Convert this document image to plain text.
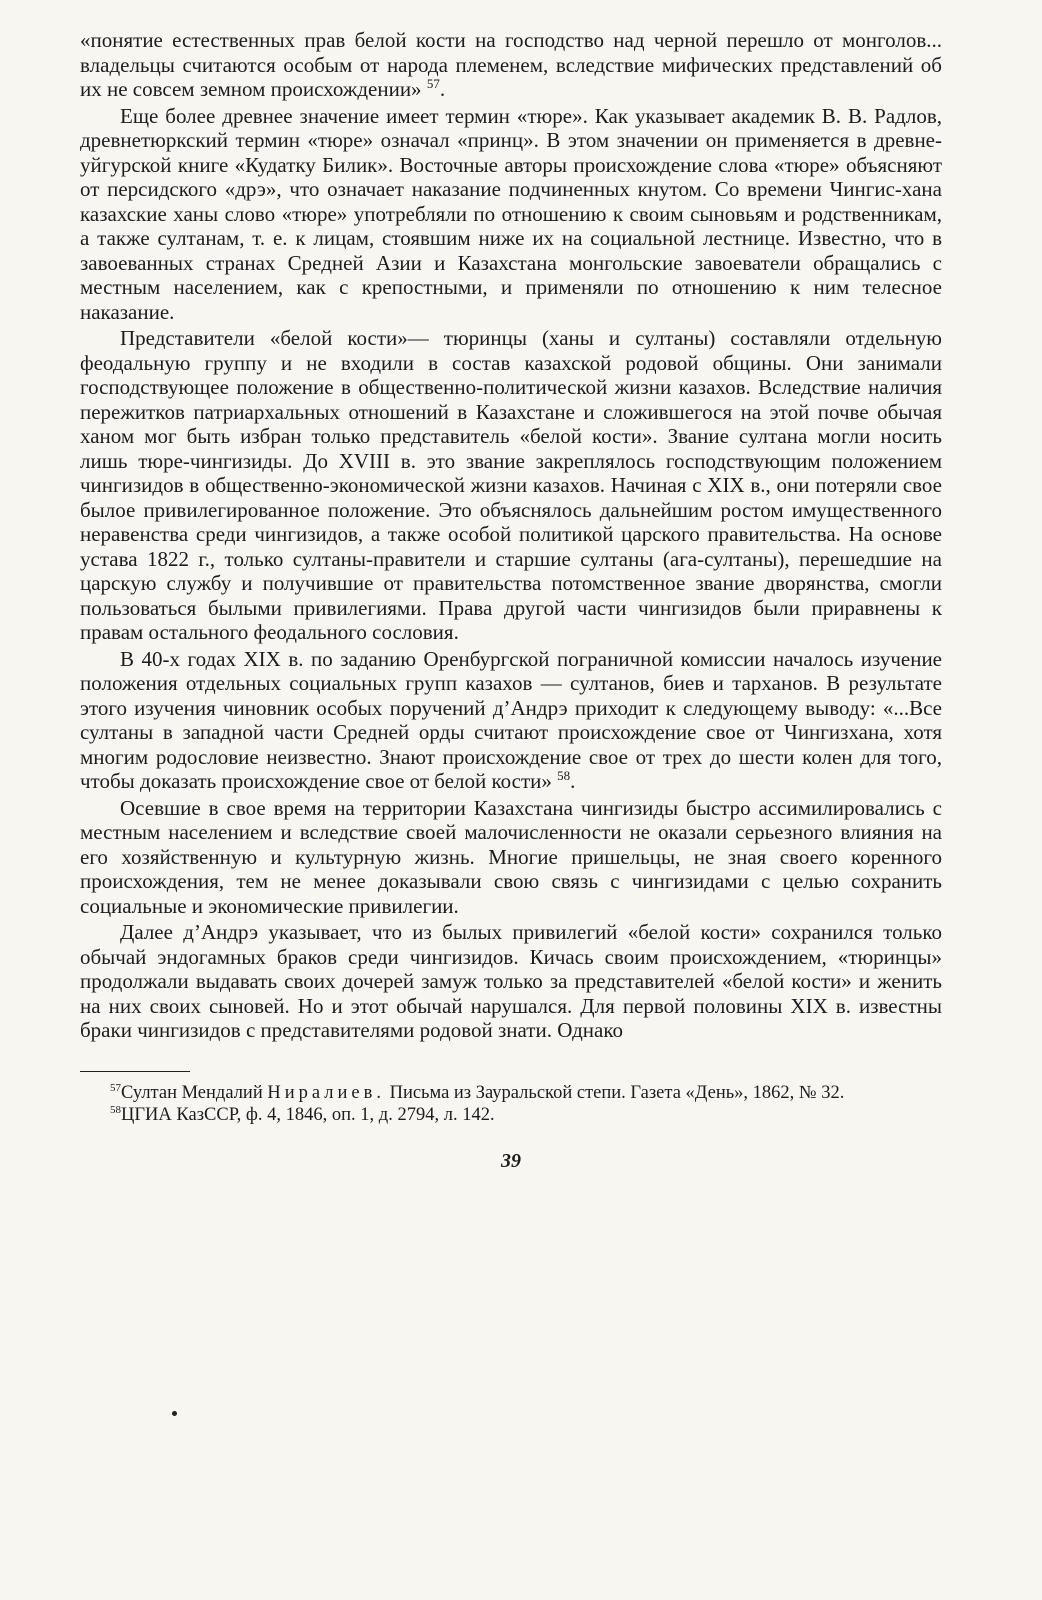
«понятие естественных прав белой кости на господство над черной перешло от монголов... владельцы считаются особым от народа племенем, вследствие мифических представлений об их не совсем земном происхождении» $^{57}$.

Еще более древнее значение имеет термин «тюре». Как указывает академик В. В. Радлов, древнетюркский термин «тюре» означал «принц». В этом значении он применяется в древне-уйгурской книге «Кудатку Билик». Восточные авторы происхождение слова «тюре» объясняют от персидского «дрэ», что означает наказание подчиненных кнутом. Со времени Чингис-хана казахские ханы слово «тюре» употребляли по отношению к своим сыновьям и родственникам, а также султанам, т. е. к лицам, стоявшим ниже их на социальной лестнице. Известно, что в завоеванных странах Средней Азии и Казахстана монгольские завоеватели обращались с местным населением, как с крепостными, и применяли по отношению к ним телесное наказание.

Представители «белой кости»— тюринцы (ханы и султаны) составляли отдельную феодальную группу и не входили в состав казахской родовой общины. Они занимали господствующее положение в общественно-политической жизни казахов. Вследствие наличия пережитков патриархальных отношений в Казахстане и сложившегося на этой почве обычая ханом мог быть избран только представитель «белой кости». Звание султана могли носить лишь тюре-чингизиды. До XVIII в. это звание закреплялось господствующим положением чингизидов в общественно-экономической жизни казахов. Начиная с XIX в., они потеряли свое былое привилегированное положение. Это объяснялось дальнейшим ростом имущественного неравенства среди чингизидов, а также особой политикой царского правительства. На основе устава 1822 г., только султаны-правители и старшие султаны (ага-султаны), перешедшие на царскую службу и получившие от правительства потомственное звание дворянства, смогли пользоваться былыми привилегиями. Права другой части чингизидов были приравнены к правам остального феодального сословия.

В 40-х годах XIX в. по заданию Оренбургской пограничной комиссии началось изучение положения отдельных социальных групп казахов — султанов, биев и тарханов. В результате этого изучения чиновник особых поручений д’Андрэ приходит к следующему выводу: «...Все султаны в западной части Средней орды считают происхождение свое от Чингизхана, хотя многим родословие неизвестно. Знают происхождение свое от трех до шести колен для того, чтобы доказать происхождение свое от белой кости» $^{58}$.

Осевшие в свое время на территории Казахстана чингизиды быстро ассимилировались с местным населением и вследствие своей малочисленности не оказали серьезного влияния на его хозяйственную и культурную жизнь. Многие пришельцы, не зная своего коренного происхождения, тем не менее доказывали свою связь с чингизидами с целью сохранить социальные и экономические привилегии.

Далее д’Андрэ указывает, что из былых привилегий «белой кости» сохранился только обычай эндогамных браков среди чингизидов. Кичась своим происхождением, «тюринцы» продолжали выдавать своих дочерей замуж только за представителей «белой кости» и женить на них своих сыновей. Но и этот обычай нарушался. Для первой половины XIX в. известны браки чингизидов с представителями родовой знати. Однако

$^{57}$Султан Мендалий Ниралиев. Письма из Зауральской степи. Газета «День», 1862, № 32.

$^{58}$ЦГИА КазССР, ф. 4, 1846, оп. 1, д. 2794, л. 142.

39
